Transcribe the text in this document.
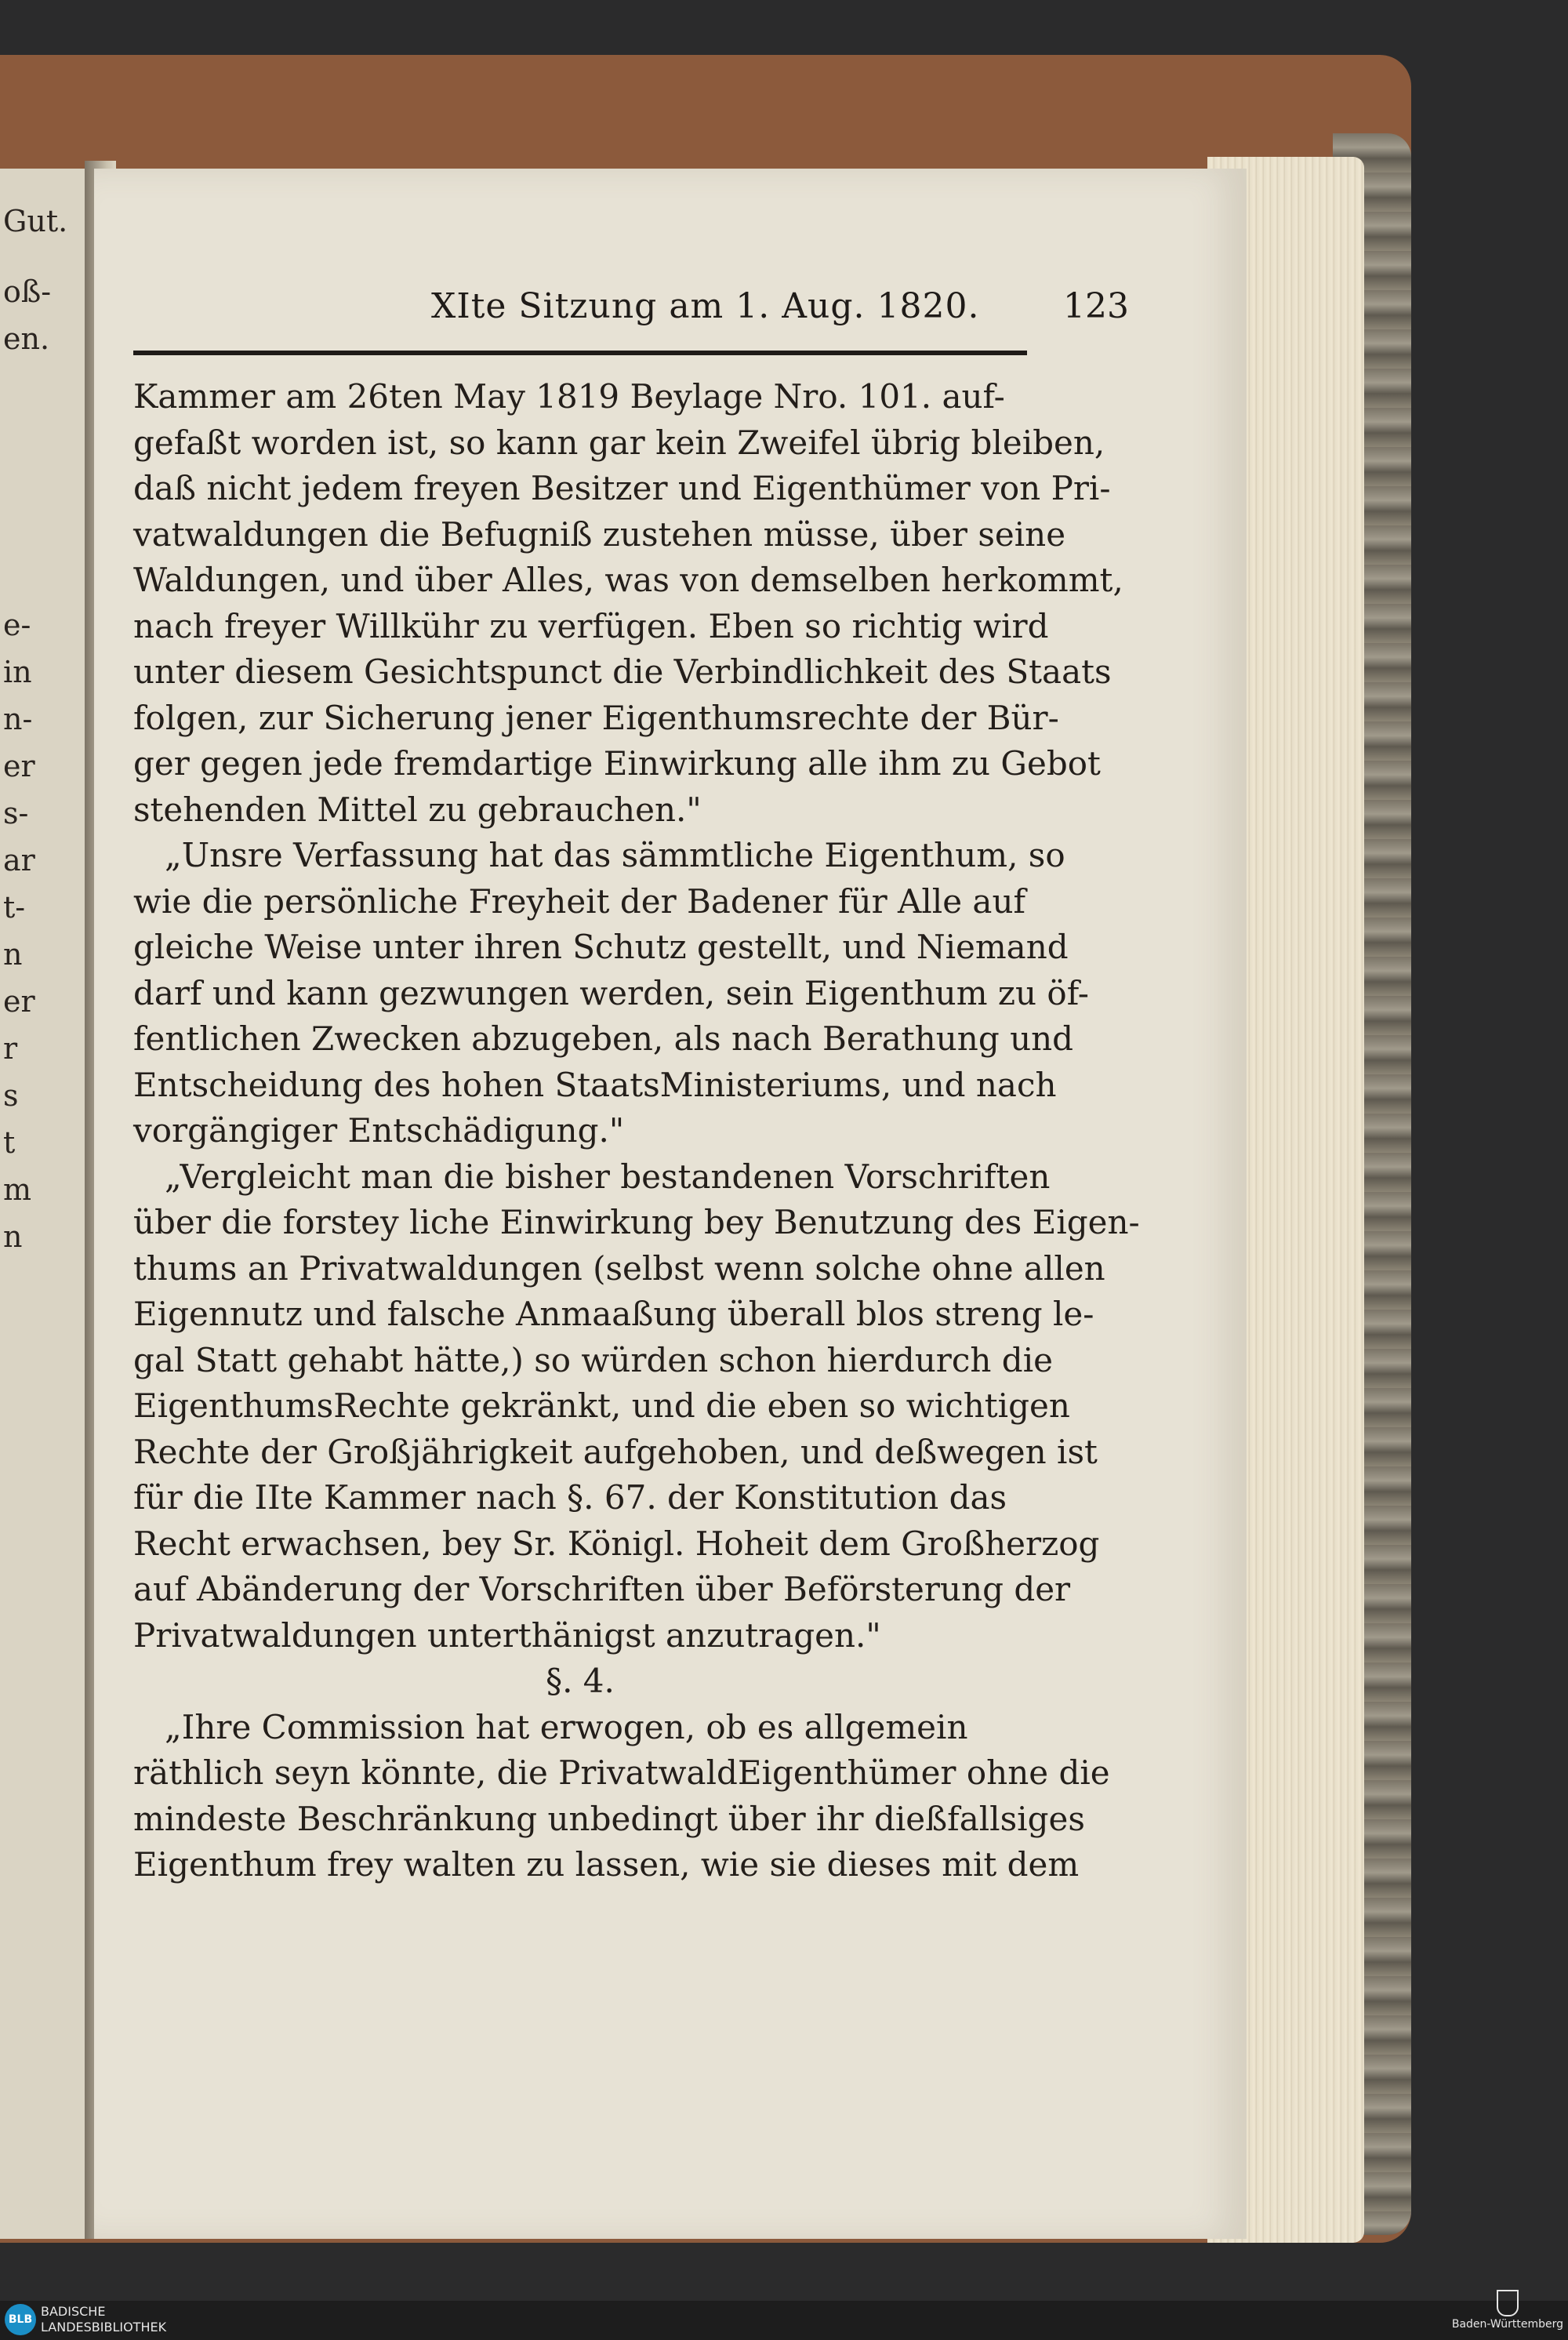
Gut.
oß-
en.
e-
in
n-
er
s-
ar
t-
n
er
r
s
t
m
n
XIte Sitzung am 1. Aug. 1820. 123
Kammer am 26ten May 1819 Beylage Nro. 101. auf-
gefaßt worden ist, so kann gar kein Zweifel übrig bleiben,
daß nicht jedem freyen Besitzer und Eigenthümer von Pri-
vatwaldungen die Befugniß zustehen müsse, über seine
Waldungen, und über Alles, was von demselben herkommt,
nach freyer Willkühr zu verfügen. Eben so richtig wird
unter diesem Gesichtspunct die Verbindlichkeit des Staats
folgen, zur Sicherung jener Eigenthumsrechte der Bür-
ger gegen jede fremdartige Einwirkung alle ihm zu Gebot
stehenden Mittel zu gebrauchen."
„Unsre Verfassung hat das sämmtliche Eigenthum, so
wie die persönliche Freyheit der Badener für Alle auf
gleiche Weise unter ihren Schutz gestellt, und Niemand
darf und kann gezwungen werden, sein Eigenthum zu öf-
fentlichen Zwecken abzugeben, als nach Berathung und
Entscheidung des hohen StaatsMinisteriums, und nach
vorgängiger Entschädigung."
„Vergleicht man die bisher bestandenen Vorschriften
über die forstey liche Einwirkung bey Benutzung des Eigen-
thums an Privatwaldungen (selbst wenn solche ohne allen
Eigennutz und falsche Anmaaßung überall blos streng le-
gal Statt gehabt hätte,) so würden schon hierdurch die
EigenthumsRechte gekränkt, und die eben so wichtigen
Rechte der Großjährigkeit aufgehoben, und deßwegen ist
für die IIte Kammer nach §. 67. der Konstitution das
Recht erwachsen, bey Sr. Königl. Hoheit dem Großherzog
auf Abänderung der Vorschriften über Beförsterung der
Privatwaldungen unterthänigst anzutragen."
§. 4.
„Ihre Commission hat erwogen, ob es allgemein
räthlich seyn könnte, die PrivatwaldEigenthümer ohne die
mindeste Beschränkung unbedingt über ihr dießfallsiges
Eigenthum frey walten zu lassen, wie sie dieses mit dem
BLB
BADISCHE
LANDESBIBLIOTHEK	Baden-Württemberg
